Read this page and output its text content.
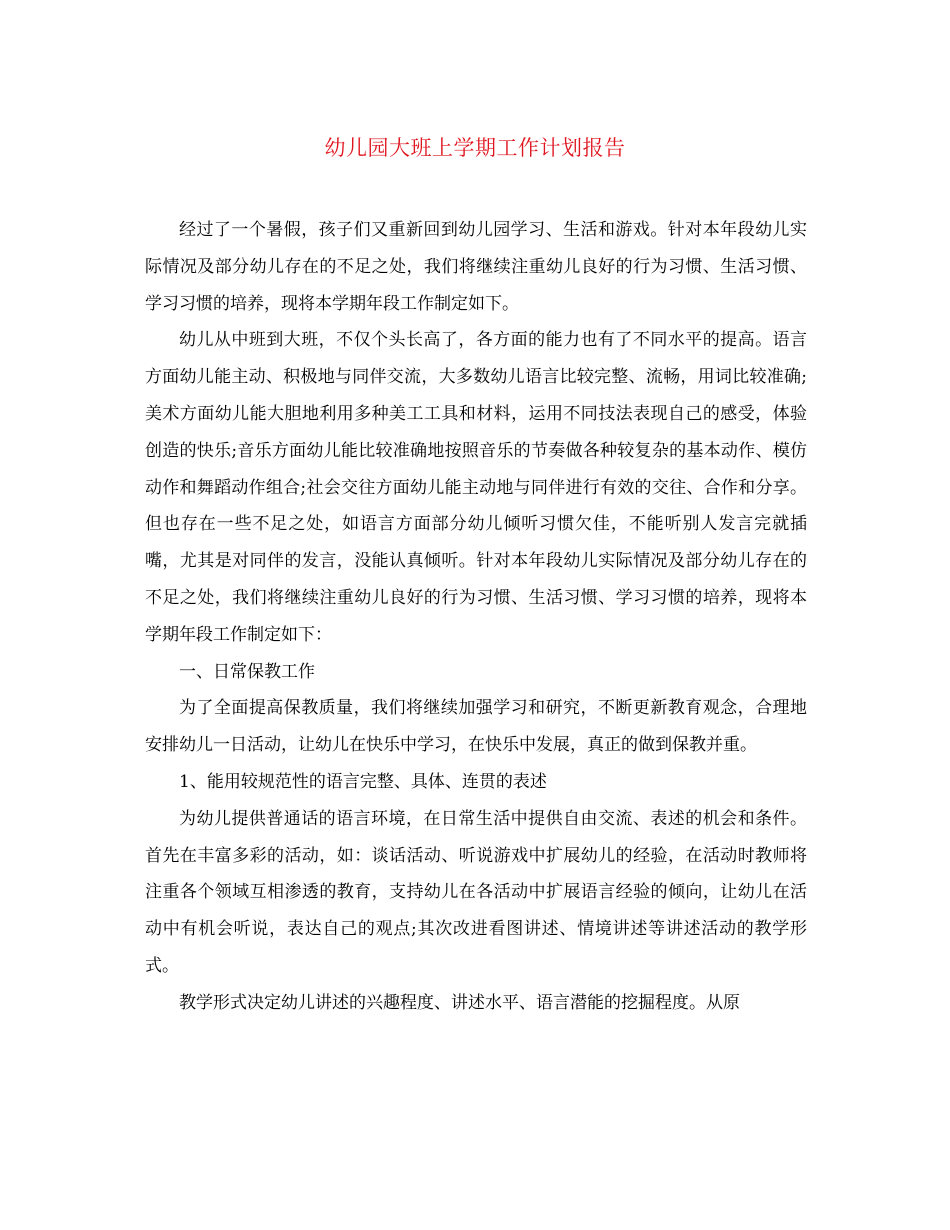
幼儿园大班上学期工作计划报告

经过了一个暑假，孩子们又重新回到幼儿园学习、生活和游戏。针对本年段幼儿实际情况及部分幼儿存在的不足之处，我们将继续注重幼儿良好的行为习惯、生活习惯、学习习惯的培养，现将本学期年段工作制定如下。

幼儿从中班到大班，不仅个头长高了，各方面的能力也有了不同水平的提高。语言方面幼儿能主动、积极地与同伴交流，大多数幼儿语言比较完整、流畅，用词比较准确;美术方面幼儿能大胆地利用多种美工工具和材料，运用不同技法表现自己的感受，体验创造的快乐;音乐方面幼儿能比较准确地按照音乐的节奏做各种较复杂的基本动作、模仿动作和舞蹈动作组合;社会交往方面幼儿能主动地与同伴进行有效的交往、合作和分享。但也存在一些不足之处，如语言方面部分幼儿倾听习惯欠佳，不能听别人发言完就插嘴，尤其是对同伴的发言，没能认真倾听。针对本年段幼儿实际情况及部分幼儿存在的不足之处，我们将继续注重幼儿良好的行为习惯、生活习惯、学习习惯的培养，现将本学期年段工作制定如下：

一、日常保教工作

为了全面提高保教质量，我们将继续加强学习和研究，不断更新教育观念，合理地安排幼儿一日活动，让幼儿在快乐中学习，在快乐中发展，真正的做到保教并重。

1、能用较规范性的语言完整、具体、连贯的表述

为幼儿提供普通话的语言环境，在日常生活中提供自由交流、表述的机会和条件。首先在丰富多彩的活动，如：谈话活动、听说游戏中扩展幼儿的经验，在活动时教师将注重各个领域互相渗透的教育，支持幼儿在各活动中扩展语言经验的倾向，让幼儿在活动中有机会听说，表达自己的观点;其次改进看图讲述、情境讲述等讲述活动的教学形式。

教学形式决定幼儿讲述的兴趣程度、讲述水平、语言潜能的挖掘程度。从原
